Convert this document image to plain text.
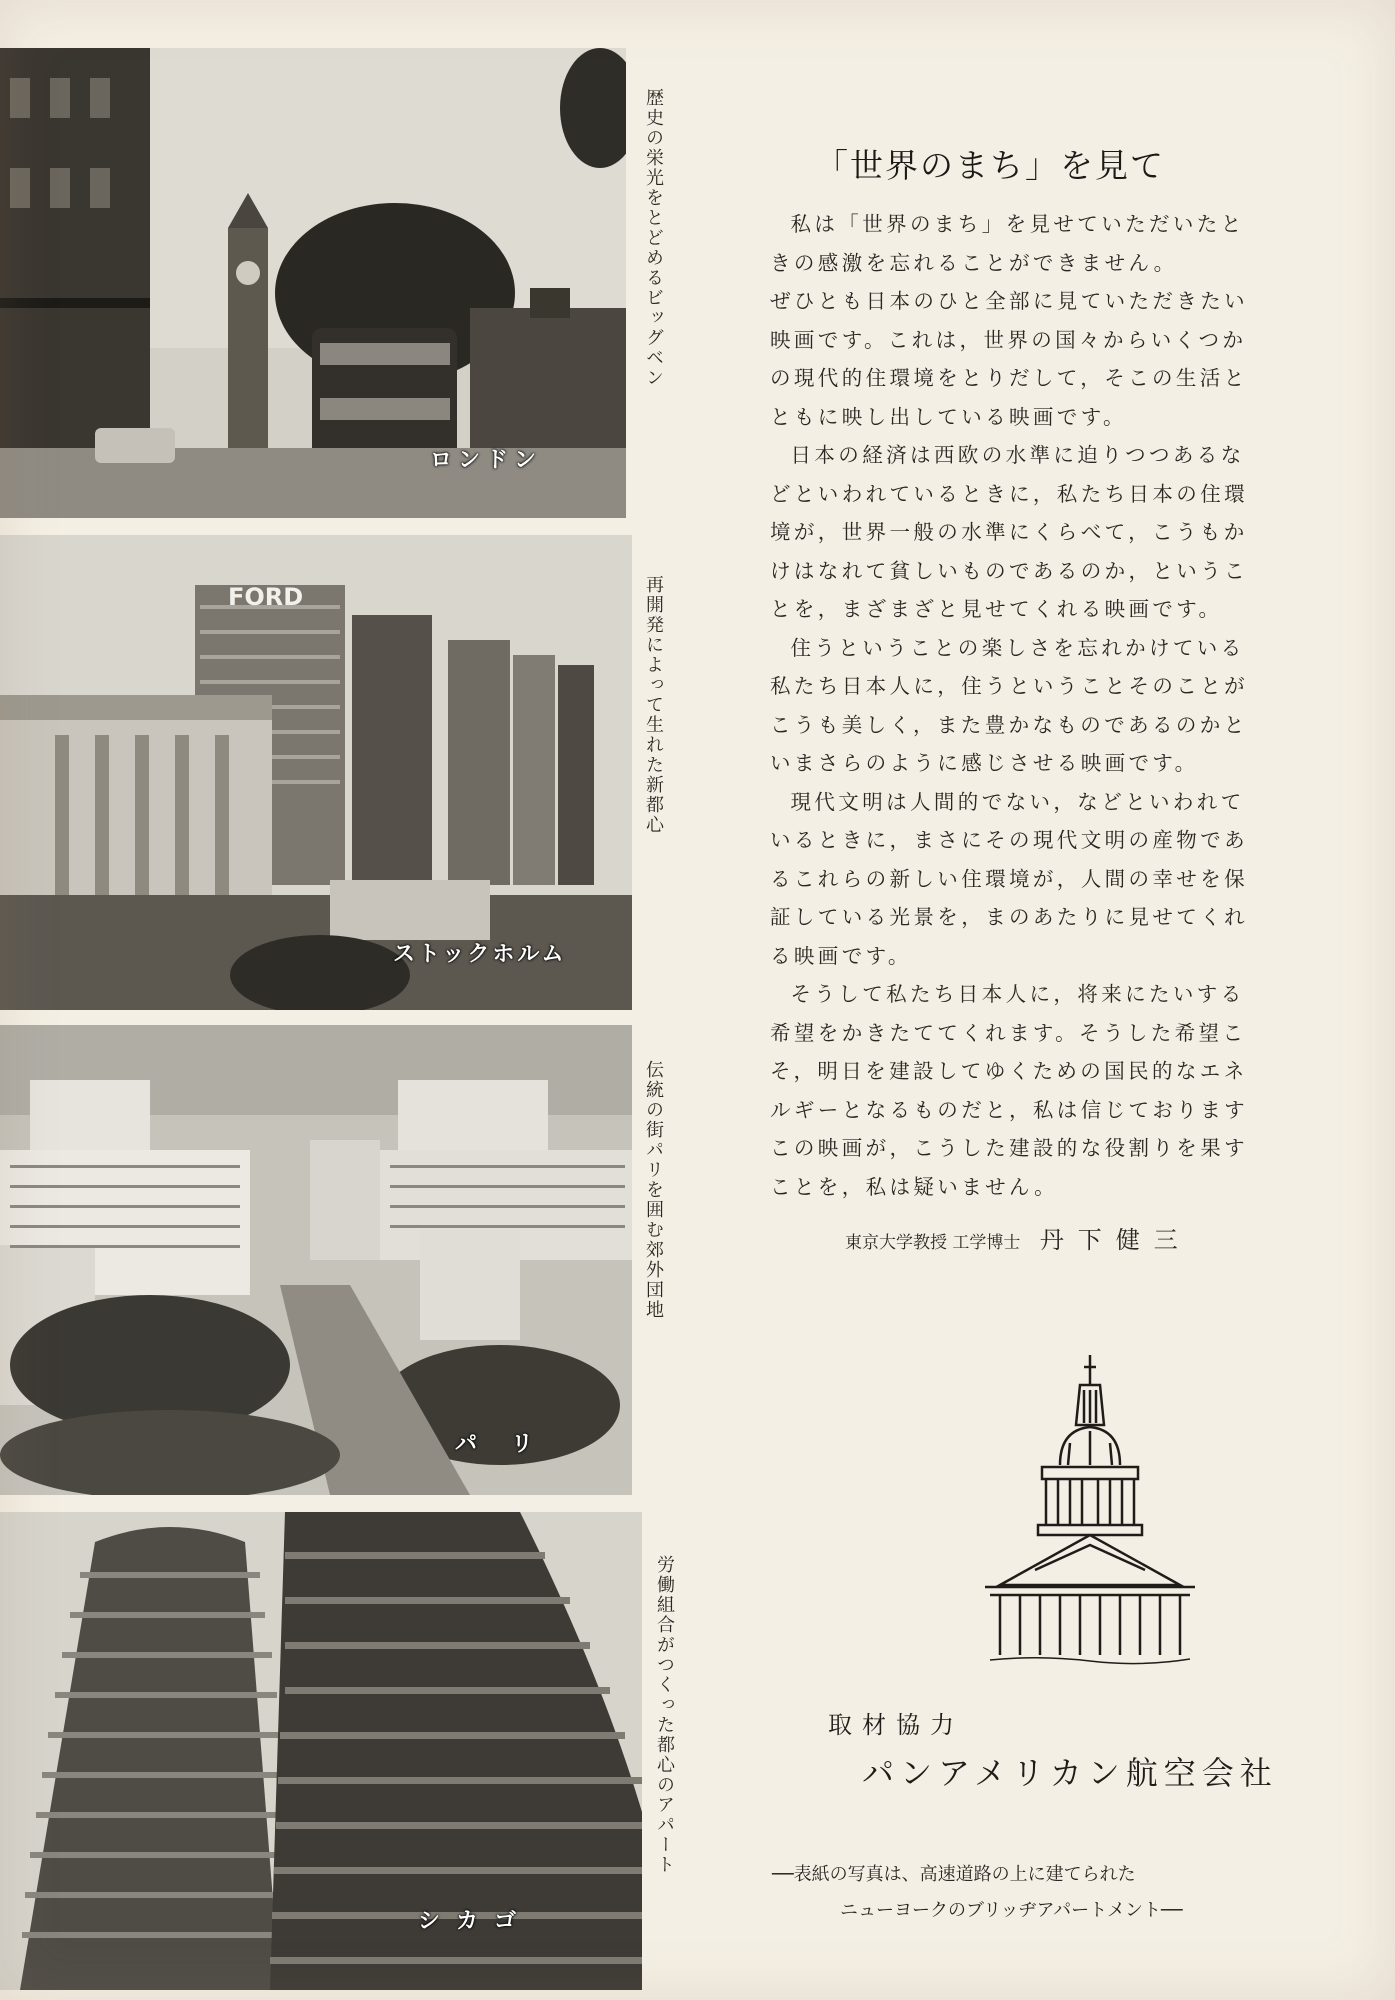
ロンドン
歴史の栄光をとどめるビッグベン
FORD
ストックホルム
再開発によって生れた新都心
パ　リ
伝統の街パリを囲む郊外団地
シカゴ
労働組合がつくった都心のアパート
「世界のまち」を見て

私は「世界のまち」を見せていただいたときの感激を忘れることができません。

ぜひとも日本のひと全部に見ていただきたい映画です。これは，世界の国々からいくつかの現代的住環境をとりだして，そこの生活とともに映し出している映画です。

日本の経済は西欧の水準に迫りつつあるなどといわれているときに，私たち日本の住環境が，世界一般の水準にくらべて，こうもかけはなれて貧しいものであるのか，ということを，まざまざと見せてくれる映画です。

住うということの楽しさを忘れかけている私たち日本人に，住うということそのことがこうも美しく，また豊かなものであるのかといまさらのように感じさせる映画です。

現代文明は人間的でない，などといわれているときに，まさにその現代文明の産物であるこれらの新しい住環境が，人間の幸せを保証している光景を，まのあたりに見せてくれる映画です。

そうして私たち日本人に，将来にたいする希望をかきたててくれます。そうした希望こそ，明日を建設してゆくための国民的なエネルギーとなるものだと，私は信じておりますこの映画が，こうした建設的な役割りを果すことを，私は疑いません。

東京大学教授 工学博士 丹下健三
取材協力
パンアメリカン航空会社
──表紙の写真は、高速道路の上に建てられた
ニューヨークのブリッヂアパートメント──
